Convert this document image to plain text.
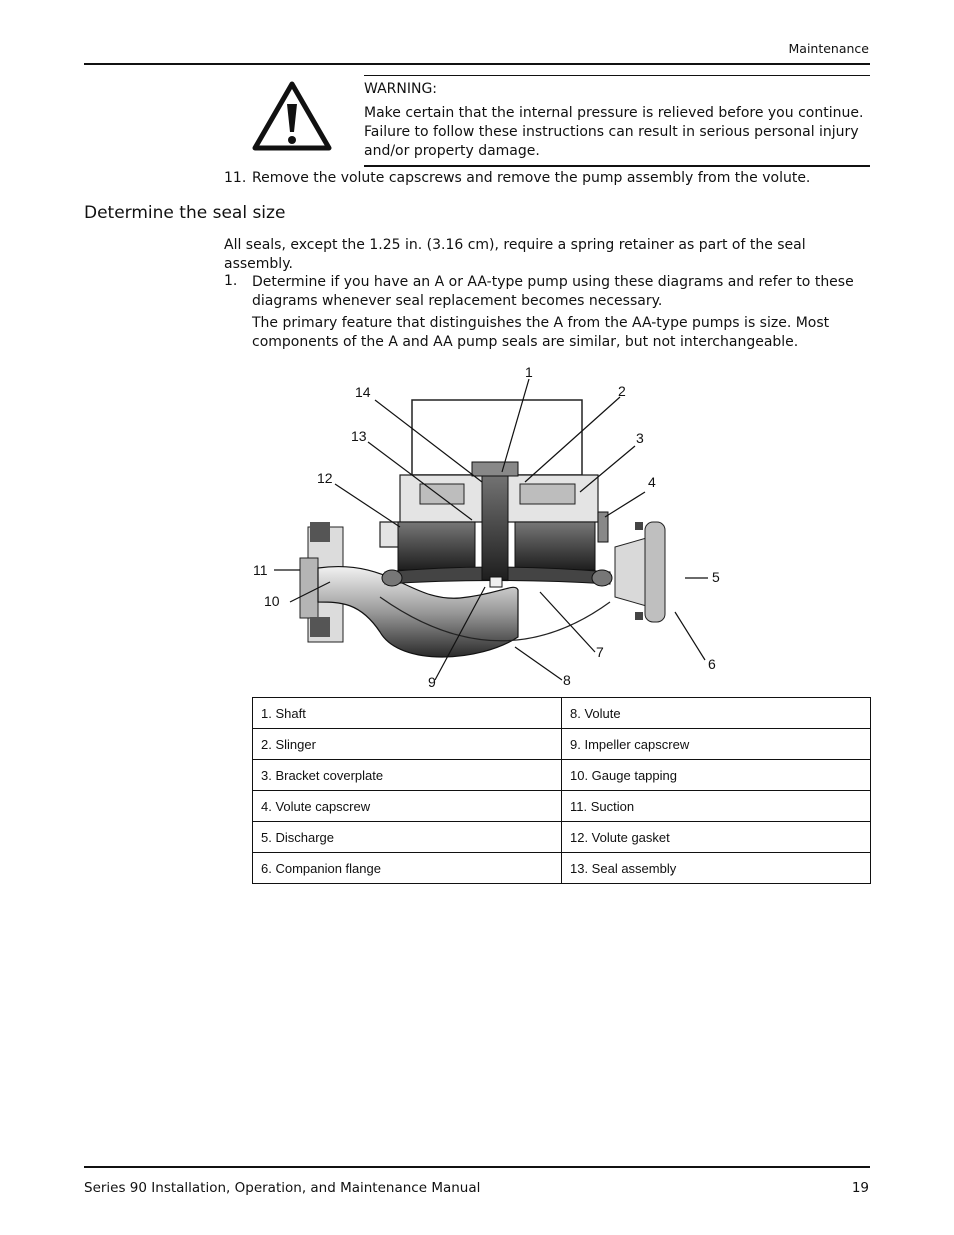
Maintenance
WARNING:
Make certain that the internal pressure is relieved before you continue. Failure to follow these instructions can result in serious personal injury and/or property damage.
11. Remove the volute capscrews and remove the pump assembly from the volute.
Determine the seal size
All seals, except the 1.25 in. (3.16 cm), require a spring retainer as part of the seal assembly.
1. Determine if you have an A or AA-type pump using these diagrams and refer to these diagrams whenever seal replacement becomes necessary.
The primary feature that distinguishes the A from the AA-type pumps is size. Most components of the A and AA pump seals are similar, but not interchangeable.
1
2
3
4
5
6
7
8
9
10
11
12
13
14
1. Shaft	8. Volute
2. Slinger	9. Impeller capscrew
3. Bracket coverplate	10. Gauge tapping
4. Volute capscrew	11. Suction
5. Discharge	12. Volute gasket
6. Companion flange	13. Seal assembly
Series 90 Installation, Operation, and Maintenance Manual	19
